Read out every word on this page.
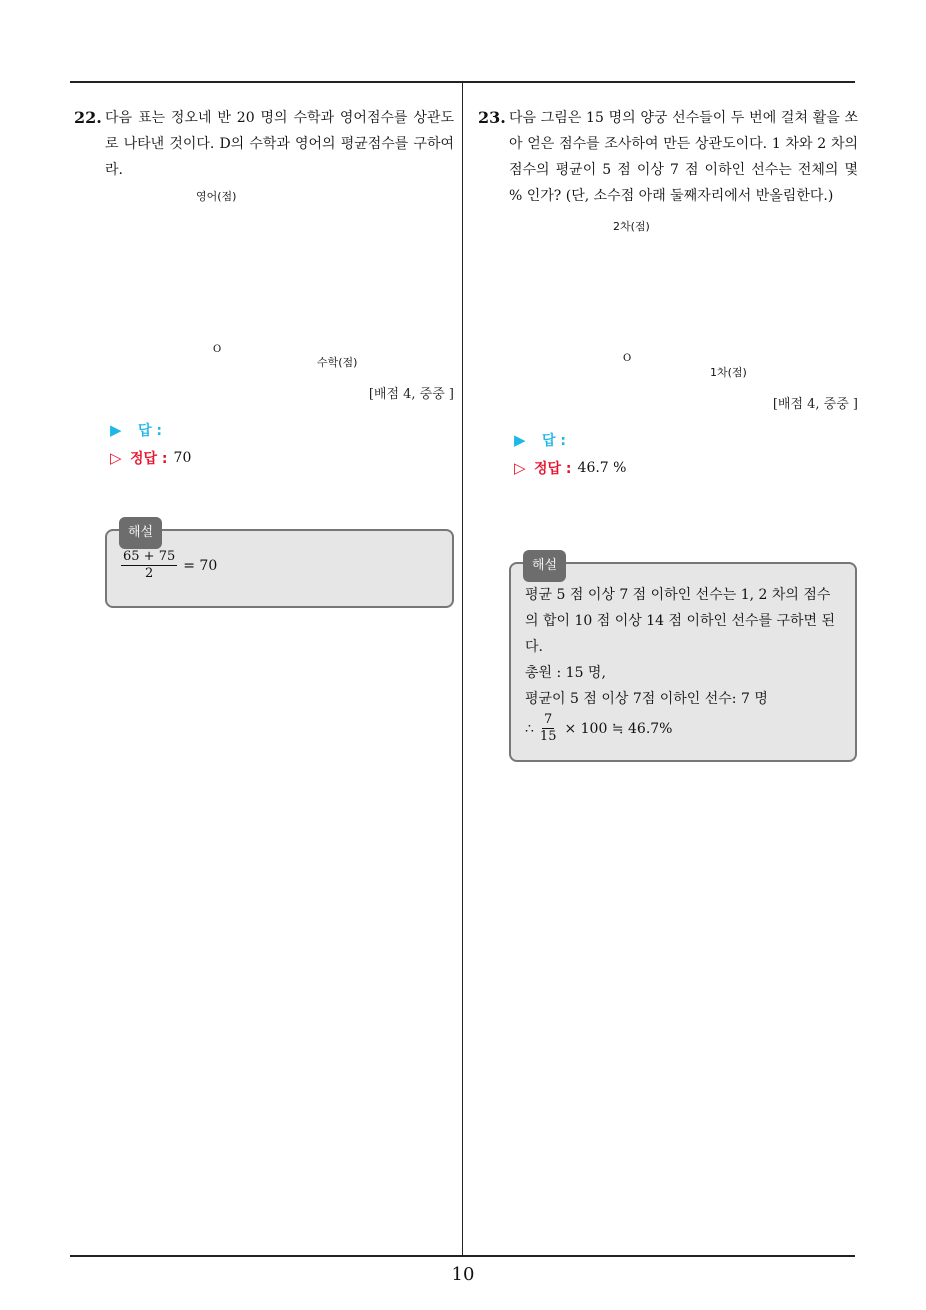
10
22. 다음 표는 정오네 반 20 명의 수학과 영어점수를 상관도로 나타낸 것이다. D의 수학과 영어의 평균점수를 구하여라.
영어(점)
수학(점)
O
[배점 4, 중중 ]
▶	답 :
▷ 정답 : 70
해설
$\frac{65 + 75}{2} = 70$
23. 다음 그림은 15 명의 양궁 선수들이 두 번에 걸쳐 활을 쏘아 얻은 점수를 조사하여 만든 상관도이다. 1 차와 2 차의 점수의 평균이 5 점 이상 7 점 이하인 선수는 전체의 몇 % 인가? (단, 소수점 아래 둘째자리에서 반올림한다.)
2차(점)
1차(점)
O
[배점 4, 중중 ]
▶	답 :
▷ 정답 : 46.7 %
해설
평균 5 점 이상 7 점 이하인 선수는 1, 2 차의 점수의 합이 10 점 이상 14 점 이하인 선수를 구하면 된다.
총원 : 15 명,
평균이 5 점 이상 7점 이하인 선수: 7 명
∴ $\frac{7}{15} \times 100$ ≒ 46.7%
